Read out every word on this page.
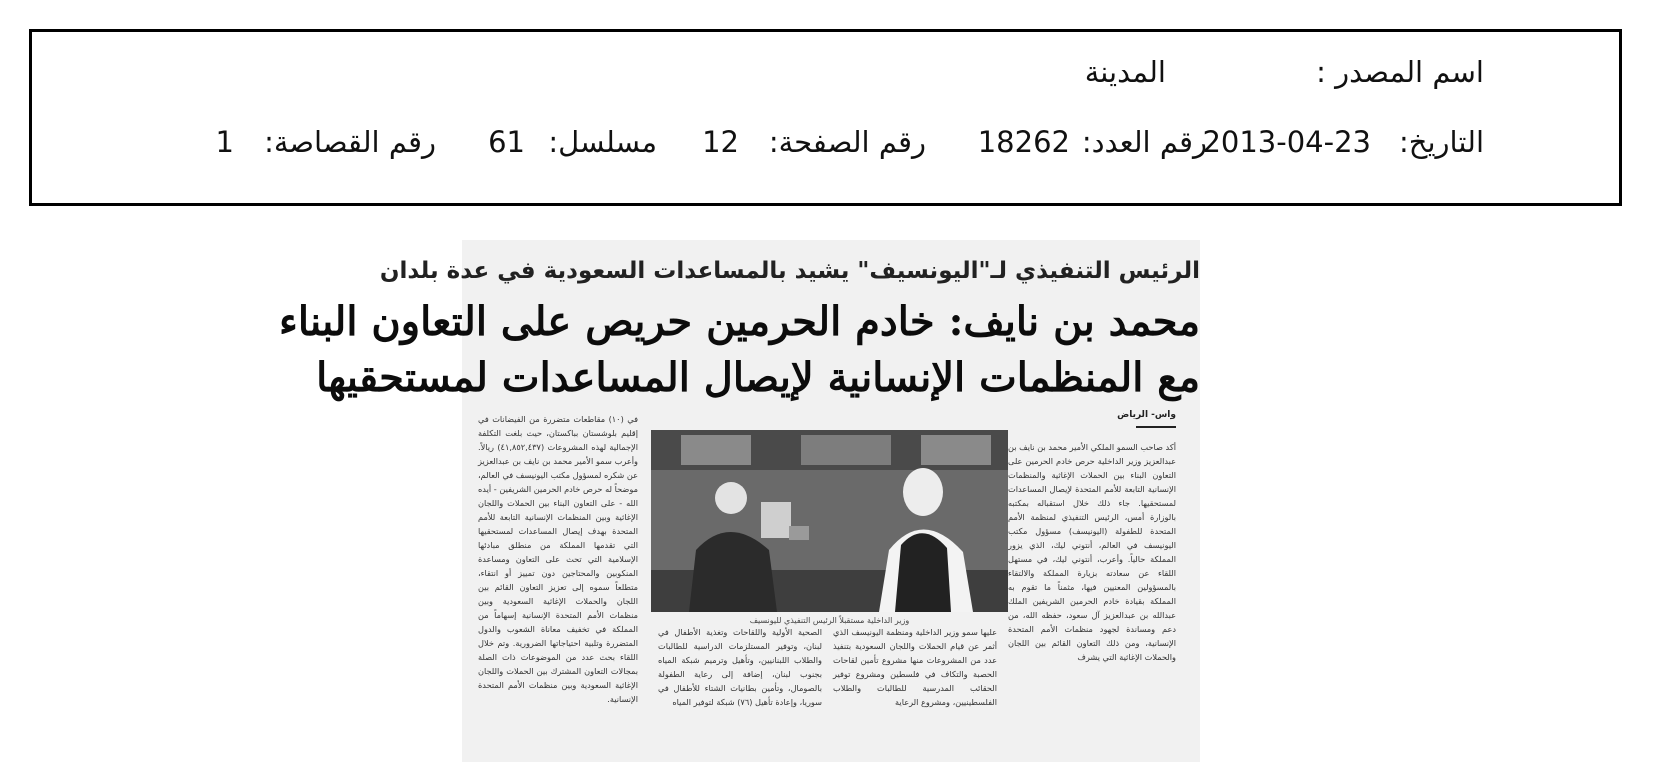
اسم المصدر :
المدينة
التاريخ:
2013-04-23
رقم العدد:
18262
رقم الصفحة:
12
مسلسل:
61
رقم القصاصة:
1
الرئيس التنفيذي لـ"اليونسيف" يشيد بالمساعدات السعودية في عدة بلدان
محمد بن نايف: خادم الحرمين حريص على التعاون البناء
مع المنظمات الإنسانية لإيصال المساعدات لمستحقيها
واس- الرياض
أكد صاحب السمو الملكي الأمير محمد بن نايف بن عبدالعزيز وزير الداخلية حرص خادم الحرمين على التعاون البناء بين الحملات الإغاثية والمنظمات الإنسانية التابعة للأمم المتحدة لإيصال المساعدات لمستحقيها. جاء ذلك خلال استقباله بمكتبه بالوزارة أمس، الرئيس التنفيذي لمنظمة الأمم المتحدة للطفولة (اليونيسف) مسؤول مكتب اليونيسف في العالم، أنتوني ليك، الذي يزور المملكة حالياً. وأعرب، أنتوني ليك، في مستهل اللقاء عن سعادته بزيارة المملكة والالتقاء بالمسؤولين المعنيين فيها، مثمناً ما تقوم به المملكة بقيادة خادم الحرمين الشريفين الملك عبدالله بن عبدالعزيز آل سعود، حفظه الله، من دعم ومساندة لجهود منظمات الأمم المتحدة الإنسانية، ومن ذلك التعاون القائم بين اللجان والحملات الإغاثية التي يشرف
وزير الداخلية مستقبلاً الرئيس التنفيذي لليونسيف
عليها سمو وزير الداخلية ومنظمة اليونيسف الذي أثمر عن قيام الحملات واللجان السعودية بتنفيذ عدد من المشروعات منها مشروع تأمين لقاحات الحصبة والتكاف في فلسطين ومشروع توفير الحقائب المدرسية للطالبات والطلاب الفلسطينيين، ومشروع الرعاية
الصحية الأولية واللقاحات وتغذية الأطفال في لبنان، وتوفير المستلزمات الدراسية للطالبات والطلاب اللبنانيين، وتأهيل وترميم شبكة المياه بجنوب لبنان، إضافة إلى رعاية الطفولة بالصومال، وتأمين بطانيات الشتاء للأطفال في سوريا، وإعادة تأهيل (٧٦) شبكة لتوفير المياه
في (١٠) مقاطعات متضررة من الفيضانات في إقليم بلوشستان بباكستان، حيث بلغت التكلفة الإجمالية لهذه المشروعات (٤١,٨٥٢,٤٣٧) ريالاً. وأعرب سمو الأمير محمد بن نايف بن عبدالعزيز عن شكره لمسؤول مكتب اليونيسف في العالم، موضحاً له حرص خادم الحرمين الشريفين - أيده الله - على التعاون البناء بين الحملات واللجان الإغاثية وبين المنظمات الإنسانية التابعة للأمم المتحدة بهدف إيصال المساعدات لمستحقيها التي تقدمها المملكة من منطلق مبادئها الإسلامية التي تحث على التعاون ومساعدة المنكوبين والمحتاجين دون تمييز أو انتقاء، متطلعاً سموه إلى تعزيز التعاون القائم بين اللجان والحملات الإغاثية السعودية وبين منظمات الأمم المتحدة الإنسانية إسهاماً من المملكة في تخفيف معاناة الشعوب والدول المتضررة وتلبية احتياجاتها الضرورية. وتم خلال اللقاء بحث عدد من الموضوعات ذات الصلة بمجالات التعاون المشترك بين الحملات واللجان الإغاثية السعودية وبين منظمات الأمم المتحدة الإنسانية.
